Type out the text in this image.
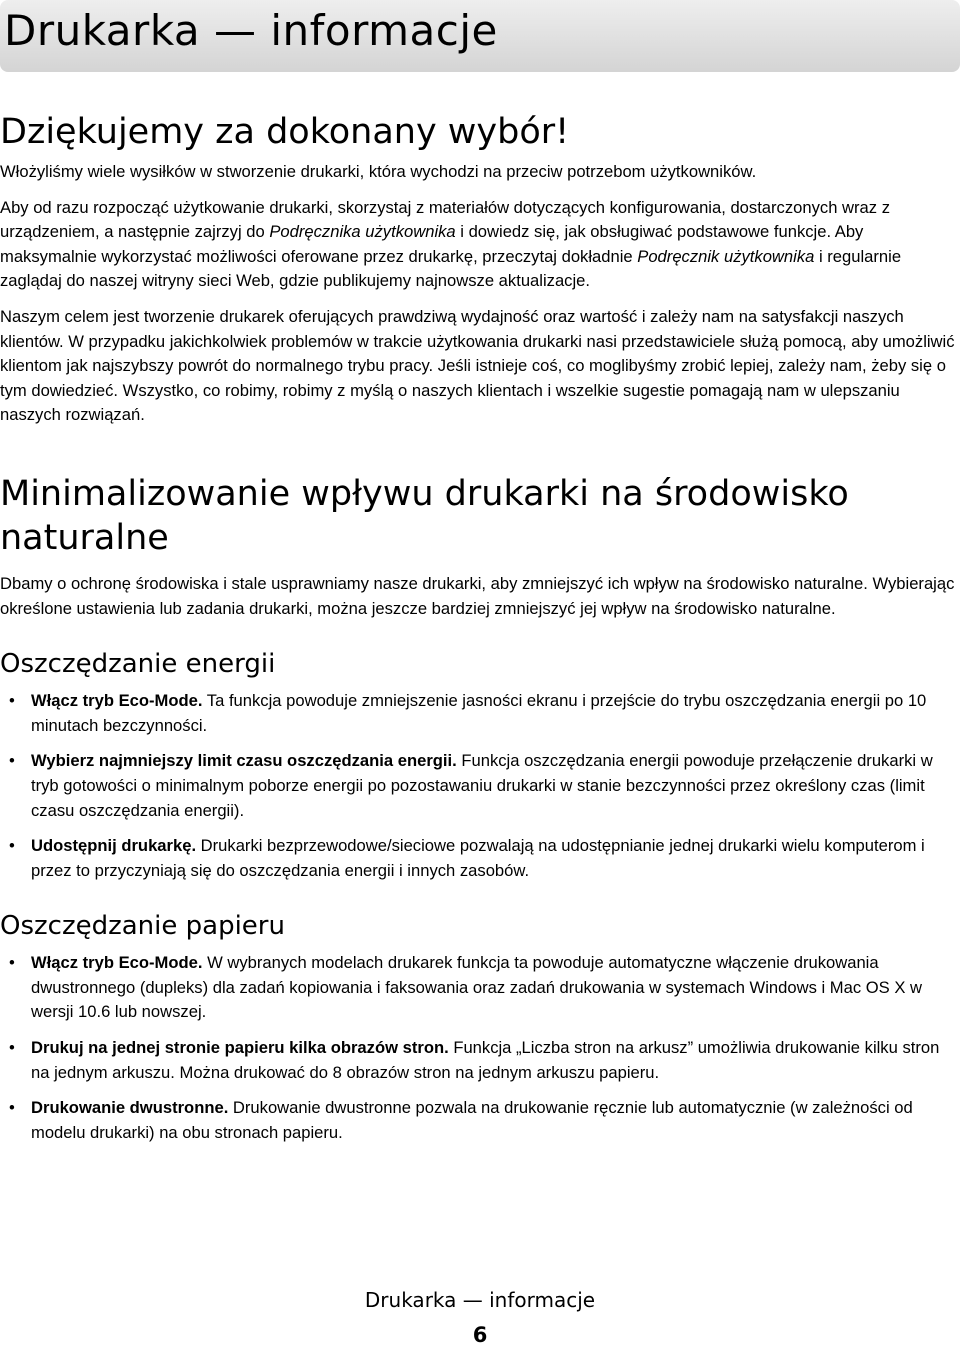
Drukarka — informacje
Dziękujemy za dokonany wybór!

Włożyliśmy wiele wysiłków w stworzenie drukarki, która wychodzi na przeciw potrzebom użytkowników.

Aby od razu rozpocząć użytkowanie drukarki, skorzystaj z materiałów dotyczących konfigurowania, dostarczonych wraz z urządzeniem, a następnie zajrzyj do Podręcznika użytkownika i dowiedz się, jak obsługiwać podstawowe funkcje. Aby maksymalnie wykorzystać możliwości oferowane przez drukarkę, przeczytaj dokładnie Podręcznik użytkownika i regularnie zaglądaj do naszej witryny sieci Web, gdzie publikujemy najnowsze aktualizacje.

Naszym celem jest tworzenie drukarek oferujących prawdziwą wydajność oraz wartość i zależy nam na satysfakcji naszych klientów. W przypadku jakichkolwiek problemów w trakcie użytkowania drukarki nasi przedstawiciele służą pomocą, aby umożliwić klientom jak najszybszy powrót do normalnego trybu pracy. Jeśli istnieje coś, co moglibyśmy zrobić lepiej, zależy nam, żeby się o tym dowiedzieć. Wszystko, co robimy, robimy z myślą o naszych klientach i wszelkie sugestie pomagają nam w ulepszaniu naszych rozwiązań.

Minimalizowanie wpływu drukarki na środowisko naturalne

Dbamy o ochronę środowiska i stale usprawniamy nasze drukarki, aby zmniejszyć ich wpływ na środowisko naturalne. Wybierając określone ustawienia lub zadania drukarki, można jeszcze bardziej zmniejszyć jej wpływ na środowisko naturalne.

Oszczędzanie energii
• Włącz tryb Eco-Mode. Ta funkcja powoduje zmniejszenie jasności ekranu i przejście do trybu oszczędzania energii po 10 minutach bezczynności.
• Wybierz najmniejszy limit czasu oszczędzania energii. Funkcja oszczędzania energii powoduje przełączenie drukarki w tryb gotowości o minimalnym poborze energii po pozostawaniu drukarki w stanie bezczynności przez określony czas (limit czasu oszczędzania energii).
• Udostępnij drukarkę. Drukarki bezprzewodowe/sieciowe pozwalają na udostępnianie jednej drukarki wielu komputerom i przez to przyczyniają się do oszczędzania energii i innych zasobów.
Oszczędzanie papieru
• Włącz tryb Eco-Mode. W wybranych modelach drukarek funkcja ta powoduje automatyczne włączenie drukowania dwustronnego (dupleks) dla zadań kopiowania i faksowania oraz zadań drukowania w systemach Windows i Mac OS X w wersji 10.6 lub nowszej.
• Drukuj na jednej stronie papieru kilka obrazów stron. Funkcja „Liczba stron na arkusz” umożliwia drukowanie kilku stron na jednym arkuszu. Można drukować do 8 obrazów stron na jednym arkuszu papieru.
• Drukowanie dwustronne. Drukowanie dwustronne pozwala na drukowanie ręcznie lub automatycznie (w zależności od modelu drukarki) na obu stronach papieru.
Drukarka — informacje
6
